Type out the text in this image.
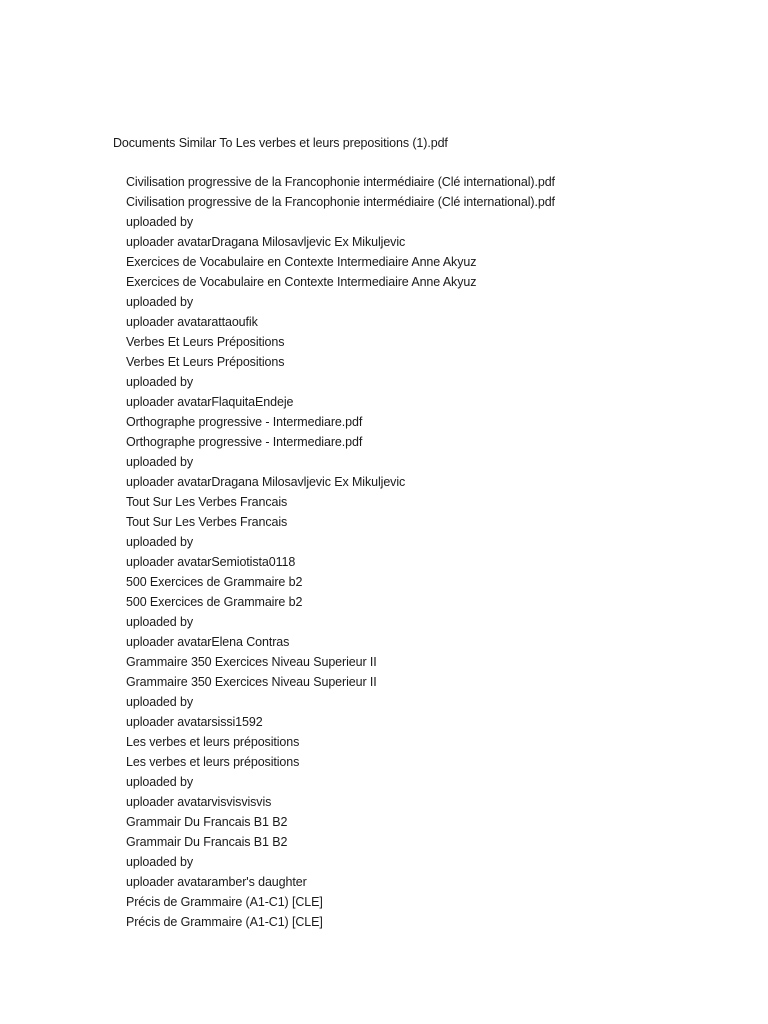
Documents Similar To Les verbes et leurs prepositions (1).pdf
Civilisation progressive de la Francophonie intermédiaire (Clé international).pdf
Civilisation progressive de la Francophonie intermédiaire (Clé international).pdf
uploaded by
uploader avatarDragana Milosavljevic Ex Mikuljevic
Exercices de Vocabulaire en Contexte Intermediaire Anne Akyuz
Exercices de Vocabulaire en Contexte Intermediaire Anne Akyuz
uploaded by
uploader avatarattaoufik
Verbes Et Leurs Prépositions
Verbes Et Leurs Prépositions
uploaded by
uploader avatarFlaquitaEndeje
Orthographe progressive - Intermediare.pdf
Orthographe progressive - Intermediare.pdf
uploaded by
uploader avatarDragana Milosavljevic Ex Mikuljevic
Tout Sur Les Verbes Francais
Tout Sur Les Verbes Francais
uploaded by
uploader avatarSemiotista0118
500 Exercices de Grammaire b2
500 Exercices de Grammaire b2
uploaded by
uploader avatarElena Contras
Grammaire 350 Exercices Niveau Superieur II
Grammaire 350 Exercices Niveau Superieur II
uploaded by
uploader avatarsissi1592
Les verbes et leurs prépositions
Les verbes et leurs prépositions
uploaded by
uploader avatarvisvisvisvis
Grammair Du Francais B1 B2
Grammair Du Francais B1 B2
uploaded by
uploader avataramber's daughter
Précis de Grammaire (A1-C1) [CLE]
Précis de Grammaire (A1-C1) [CLE]
